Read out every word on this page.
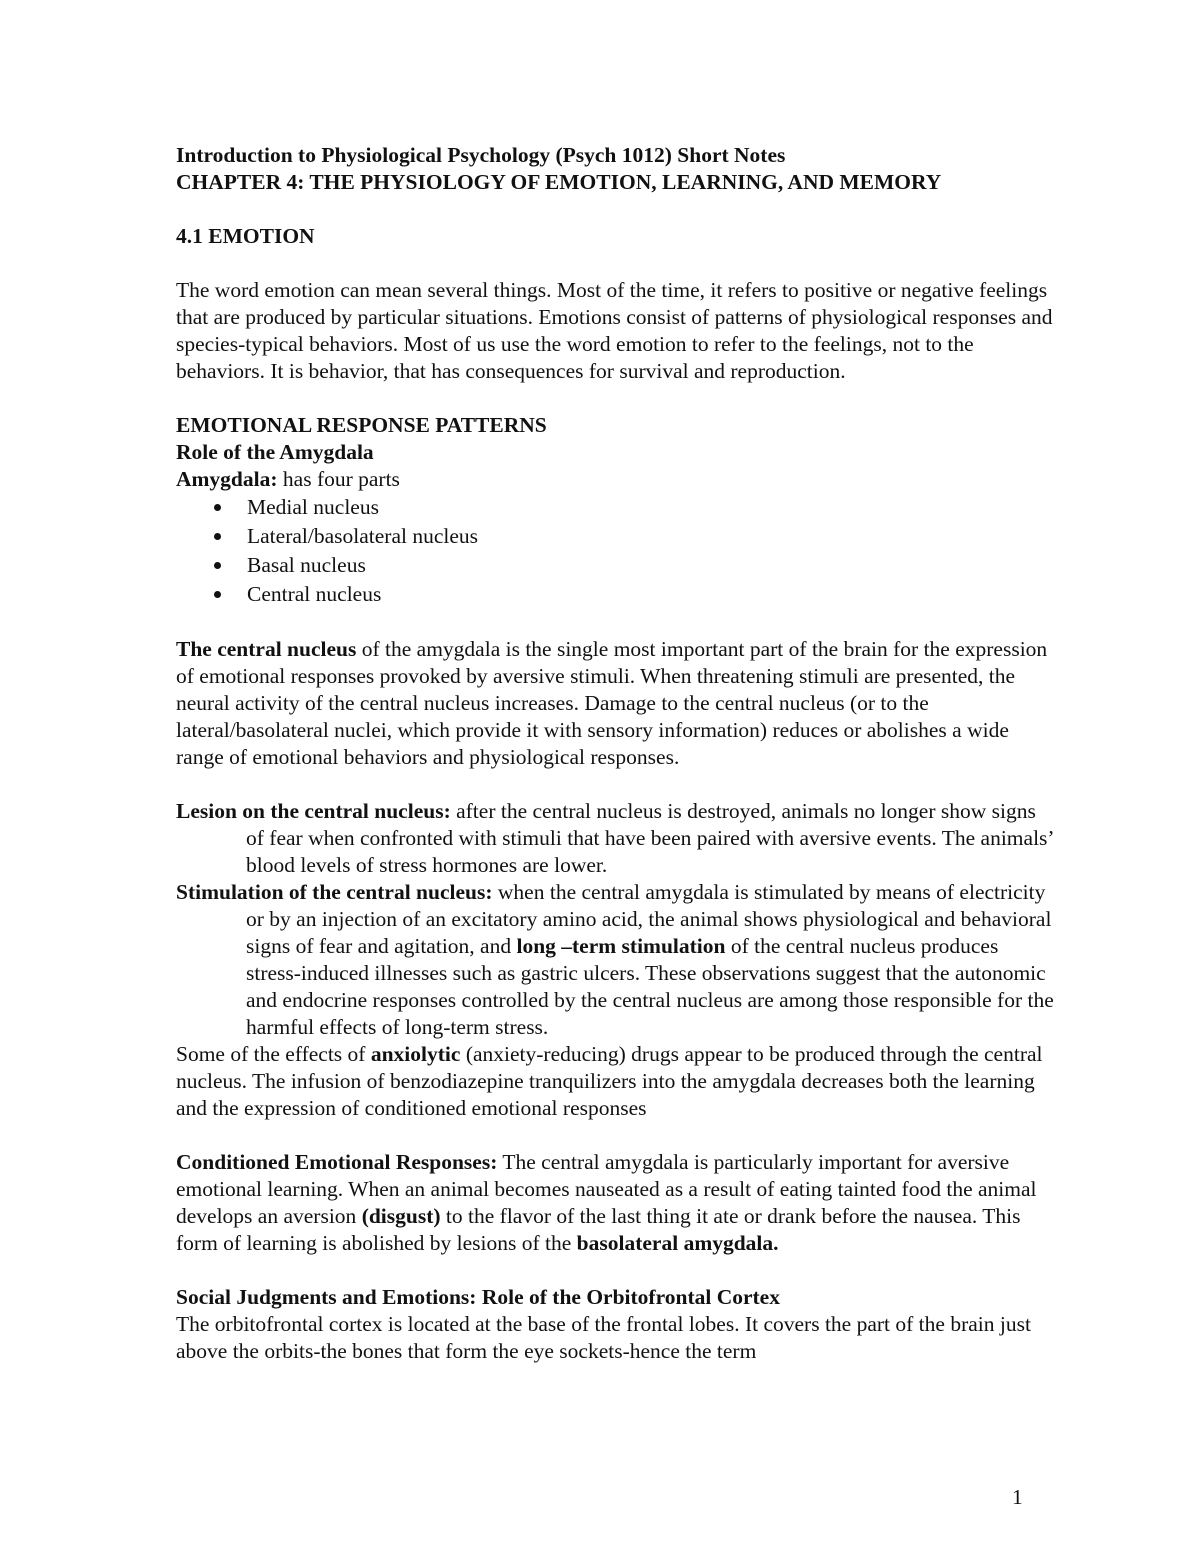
Introduction to Physiological Psychology (Psych 1012) Short Notes

CHAPTER 4: THE PHYSIOLOGY OF EMOTION, LEARNING, AND MEMORY

4.1 EMOTION

The word emotion can mean several things. Most of the time, it refers to positive or negative feelings that are produced by particular situations. Emotions consist of patterns of physiological responses and species-typical behaviors. Most of us use the word emotion to refer to the feelings, not to the behaviors. It is behavior, that has consequences for survival and reproduction.

EMOTIONAL RESPONSE PATTERNS

Role of the Amygdala

Amygdala: has four parts

Medial nucleus
Lateral/basolateral nucleus
Basal nucleus
Central nucleus

The central nucleus of the amygdala is the single most important part of the brain for the expression of emotional responses provoked by aversive stimuli. When threatening stimuli are presented, the neural activity of the central nucleus increases. Damage to the central nucleus (or to the lateral/basolateral nuclei, which provide it with sensory information) reduces or abolishes a wide range of emotional behaviors and physiological responses.

Lesion on the central nucleus: after the central nucleus is destroyed, animals no longer show signs of fear when confronted with stimuli that have been paired with aversive events. The animals’ blood levels of stress hormones are lower.

Stimulation of the central nucleus: when the central amygdala is stimulated by means of electricity or by an injection of an excitatory amino acid, the animal shows physiological and behavioral signs of fear and agitation, and long –term stimulation of the central nucleus produces stress-induced illnesses such as gastric ulcers. These observations suggest that the autonomic and endocrine responses controlled by the central nucleus are among those responsible for the harmful effects of long-term stress.

Some of the effects of anxiolytic (anxiety-reducing) drugs appear to be produced through the central nucleus. The infusion of benzodiazepine tranquilizers into the amygdala decreases both the learning and the expression of conditioned emotional responses

Conditioned Emotional Responses: The central amygdala is particularly important for aversive emotional learning. When an animal becomes nauseated as a result of eating tainted food the animal develops an aversion (disgust) to the flavor of the last thing it ate or drank before the nausea. This form of learning is abolished by lesions of the basolateral amygdala.

Social Judgments and Emotions: Role of the Orbitofrontal Cortex

The orbitofrontal cortex is located at the base of the frontal lobes. It covers the part of the brain just above the orbits-the bones that form the eye sockets-hence the term

1
